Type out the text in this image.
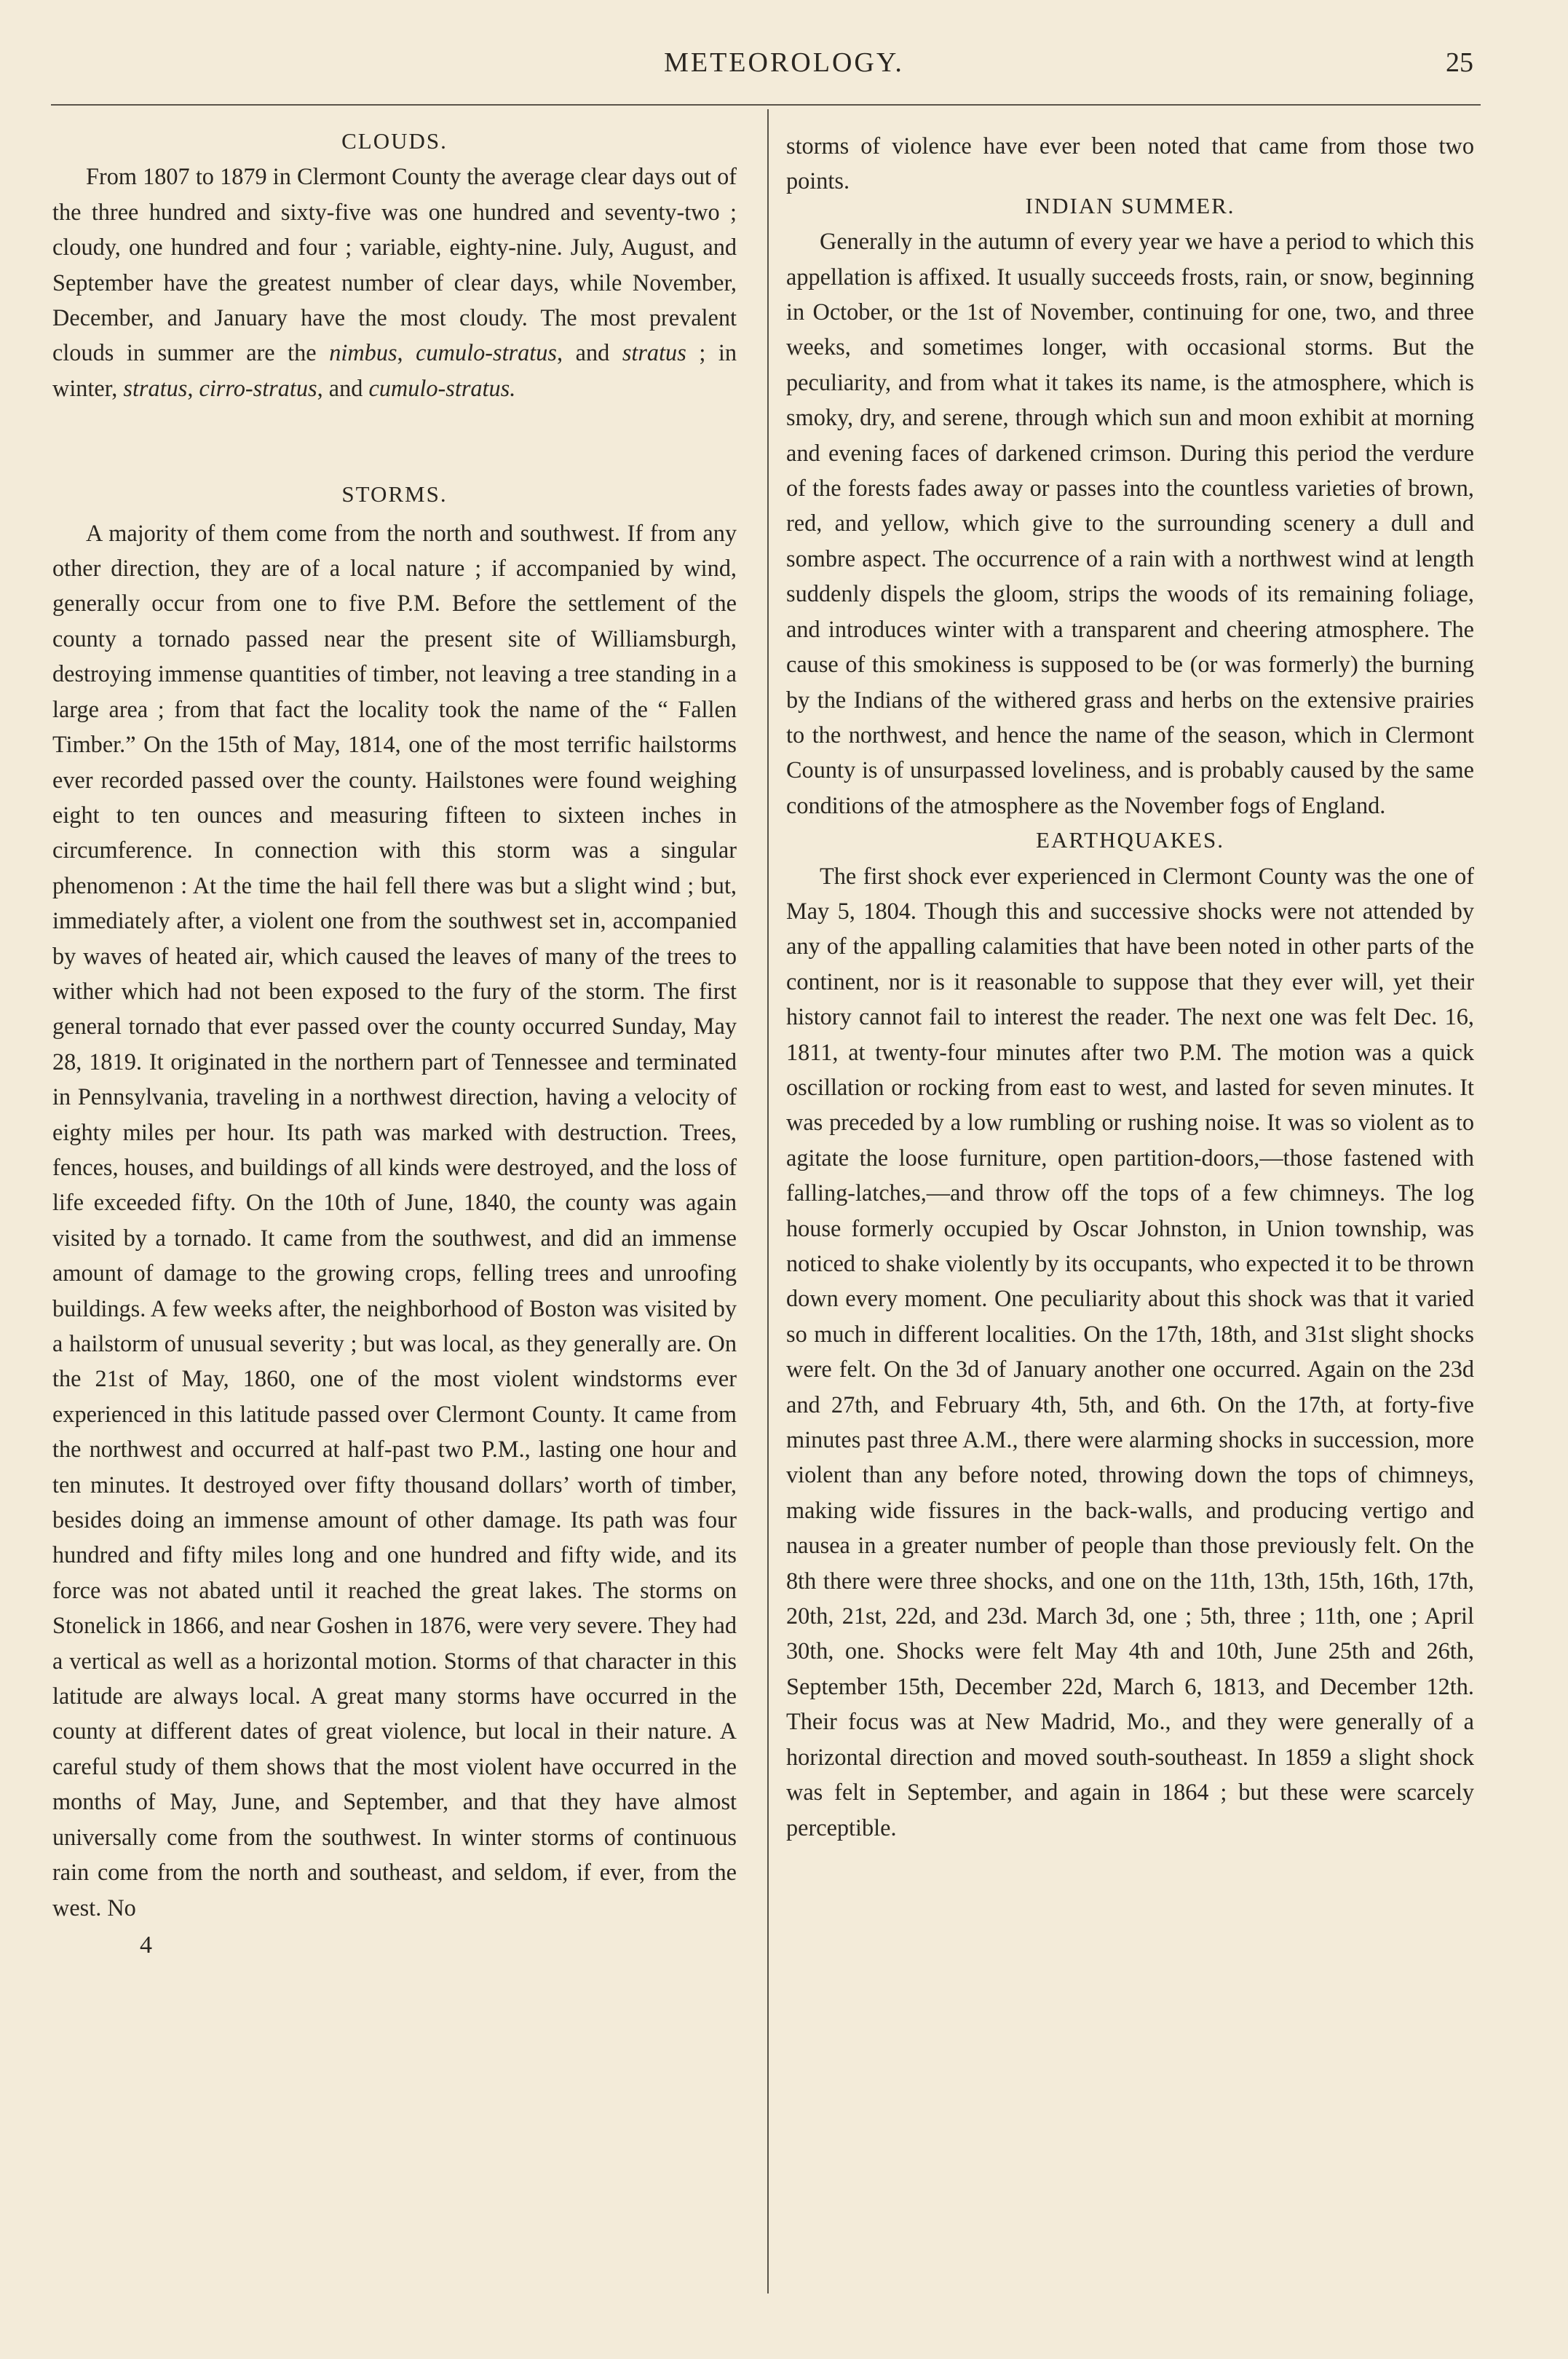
METEOROLOGY.	25
CLOUDS.

From 1807 to 1879 in Clermont County the average clear days out of the three hundred and sixty-five was one hundred and seventy-two ; cloudy, one hundred and four ; variable, eighty-nine. July, August, and September have the greatest number of clear days, while November, December, and January have the most cloudy. The most prevalent clouds in summer are the nimbus, cumulo-stratus, and stratus ; in winter, stratus, cirro-stratus, and cumulo-stratus.

STORMS.

A majority of them come from the north and southwest. If from any other direction, they are of a local nature ; if accompanied by wind, generally occur from one to five P.M. Before the settlement of the county a tornado passed near the present site of Williamsburgh, destroying immense quantities of timber, not leaving a tree standing in a large area ; from that fact the locality took the name of the “ Fallen Timber.” On the 15th of May, 1814, one of the most terrific hailstorms ever recorded passed over the county. Hailstones were found weighing eight to ten ounces and measuring fifteen to sixteen inches in circumference. In connection with this storm was a singular phenomenon : At the time the hail fell there was but a slight wind ; but, immediately after, a violent one from the southwest set in, accompanied by waves of heated air, which caused the leaves of many of the trees to wither which had not been exposed to the fury of the storm. The first general tornado that ever passed over the county occurred Sunday, May 28, 1819. It originated in the northern part of Tennessee and terminated in Pennsylvania, traveling in a northwest direction, having a velocity of eighty miles per hour. Its path was marked with destruction. Trees, fences, houses, and buildings of all kinds were destroyed, and the loss of life exceeded fifty. On the 10th of June, 1840, the county was again visited by a tornado. It came from the southwest, and did an immense amount of damage to the growing crops, felling trees and unroofing buildings. A few weeks after, the neighborhood of Boston was visited by a hailstorm of unusual severity ; but was local, as they generally are. On the 21st of May, 1860, one of the most violent windstorms ever experienced in this latitude passed over Clermont County. It came from the northwest and occurred at half-past two P.M., lasting one hour and ten minutes. It destroyed over fifty thousand dollars’ worth of timber, besides doing an immense amount of other damage. Its path was four hundred and fifty miles long and one hundred and fifty wide, and its force was not abated until it reached the great lakes. The storms on Stonelick in 1866, and near Goshen in 1876, were very severe. They had a vertical as well as a horizontal motion. Storms of that character in this latitude are always local. A great many storms have occurred in the county at different dates of great violence, but local in their nature. A careful study of them shows that the most violent have occurred in the months of May, June, and September, and that they have almost universally come from the southwest. In winter storms of continuous rain come from the north and southeast, and seldom, if ever, from the west. No

4

storms of violence have ever been noted that came from those two points.

INDIAN SUMMER.

Generally in the autumn of every year we have a period to which this appellation is affixed. It usually succeeds frosts, rain, or snow, beginning in October, or the 1st of November, continuing for one, two, and three weeks, and sometimes longer, with occasional storms. But the peculiarity, and from what it takes its name, is the atmosphere, which is smoky, dry, and serene, through which sun and moon exhibit at morning and evening faces of darkened crimson. During this period the verdure of the forests fades away or passes into the countless varieties of brown, red, and yellow, which give to the surrounding scenery a dull and sombre aspect. The occurrence of a rain with a northwest wind at length suddenly dispels the gloom, strips the woods of its remaining foliage, and introduces winter with a transparent and cheering atmosphere. The cause of this smokiness is supposed to be (or was formerly) the burning by the Indians of the withered grass and herbs on the extensive prairies to the northwest, and hence the name of the season, which in Clermont County is of unsurpassed loveliness, and is probably caused by the same conditions of the atmosphere as the November fogs of England.

EARTHQUAKES.

The first shock ever experienced in Clermont County was the one of May 5, 1804. Though this and successive shocks were not attended by any of the appalling calamities that have been noted in other parts of the continent, nor is it reasonable to suppose that they ever will, yet their history cannot fail to interest the reader. The next one was felt Dec. 16, 1811, at twenty-four minutes after two P.M. The motion was a quick oscillation or rocking from east to west, and lasted for seven minutes. It was preceded by a low rumbling or rushing noise. It was so violent as to agitate the loose furniture, open partition-doors,—those fastened with falling-latches,—and throw off the tops of a few chimneys. The log house formerly occupied by Oscar Johnston, in Union township, was noticed to shake violently by its occupants, who expected it to be thrown down every moment. One peculiarity about this shock was that it varied so much in different localities. On the 17th, 18th, and 31st slight shocks were felt. On the 3d of January another one occurred. Again on the 23d and 27th, and February 4th, 5th, and 6th. On the 17th, at forty-five minutes past three A.M., there were alarming shocks in succession, more violent than any before noted, throwing down the tops of chimneys, making wide fissures in the back-walls, and producing vertigo and nausea in a greater number of people than those previously felt. On the 8th there were three shocks, and one on the 11th, 13th, 15th, 16th, 17th, 20th, 21st, 22d, and 23d. March 3d, one ; 5th, three ; 11th, one ; April 30th, one. Shocks were felt May 4th and 10th, June 25th and 26th, September 15th, December 22d, March 6, 1813, and December 12th. Their focus was at New Madrid, Mo., and they were generally of a horizontal direction and moved south-southeast. In 1859 a slight shock was felt in September, and again in 1864 ; but these were scarcely perceptible.
